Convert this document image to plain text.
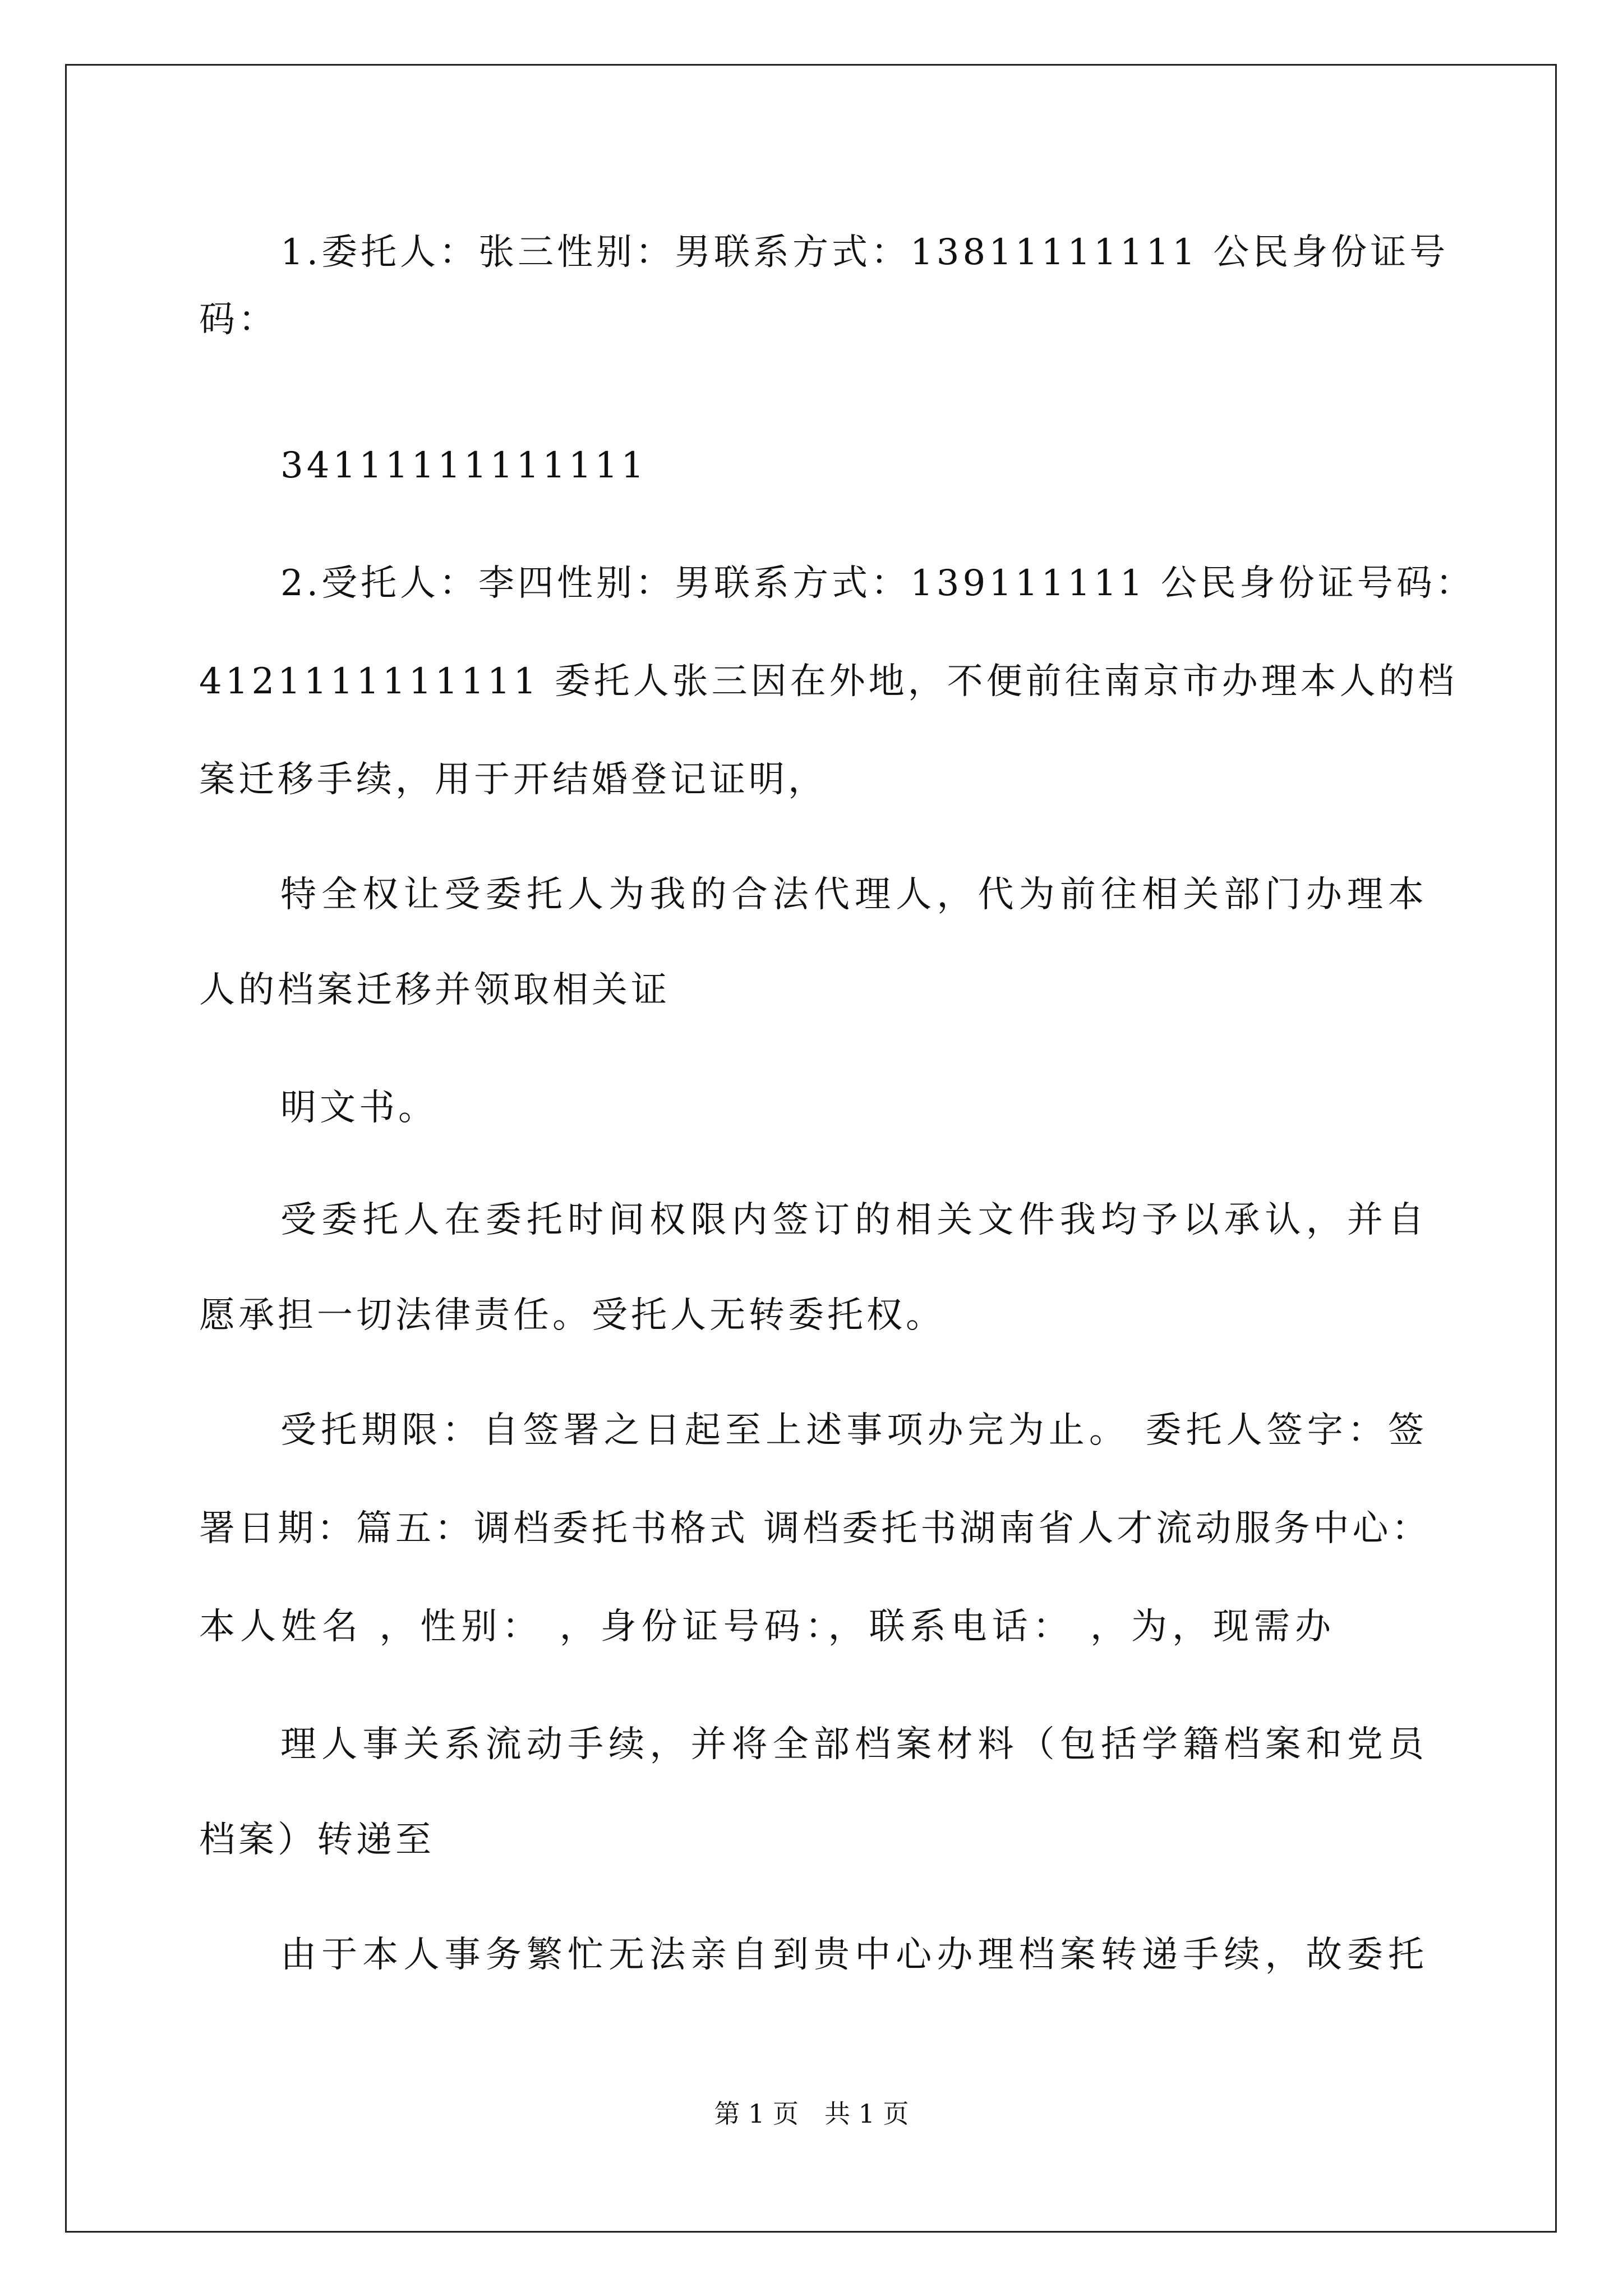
1.委托人：张三性别：男联系方式：13811111111 公民身份证号

码：

34111111111111

2.受托人：李四性别：男联系方式：139111111 公民身份证号码：

4121111111111 委托人张三因在外地，不便前往南京市办理本人的档

案迁移手续，用于开结婚登记证明，

特全权让受委托人为我的合法代理人，代为前往相关部门办理本

人的档案迁移并领取相关证

明文书。

受委托人在委托时间权限内签订的相关文件我均予以承认，并自

愿承担一切法律责任。受托人无转委托权。

受托期限：自签署之日起至上述事项办完为止。 委托人签字：签

署日期：篇五：调档委托书格式 调档委托书湖南省人才流动服务中心：

本人姓名 ，性别： ，身份证号码：，联系电话： ，为，现需办

理人事关系流动手续，并将全部档案材料（包括学籍档案和党员

档案）转递至

由于本人事务繁忙无法亲自到贵中心办理档案转递手续，故委托

第 1 页　共 1 页
